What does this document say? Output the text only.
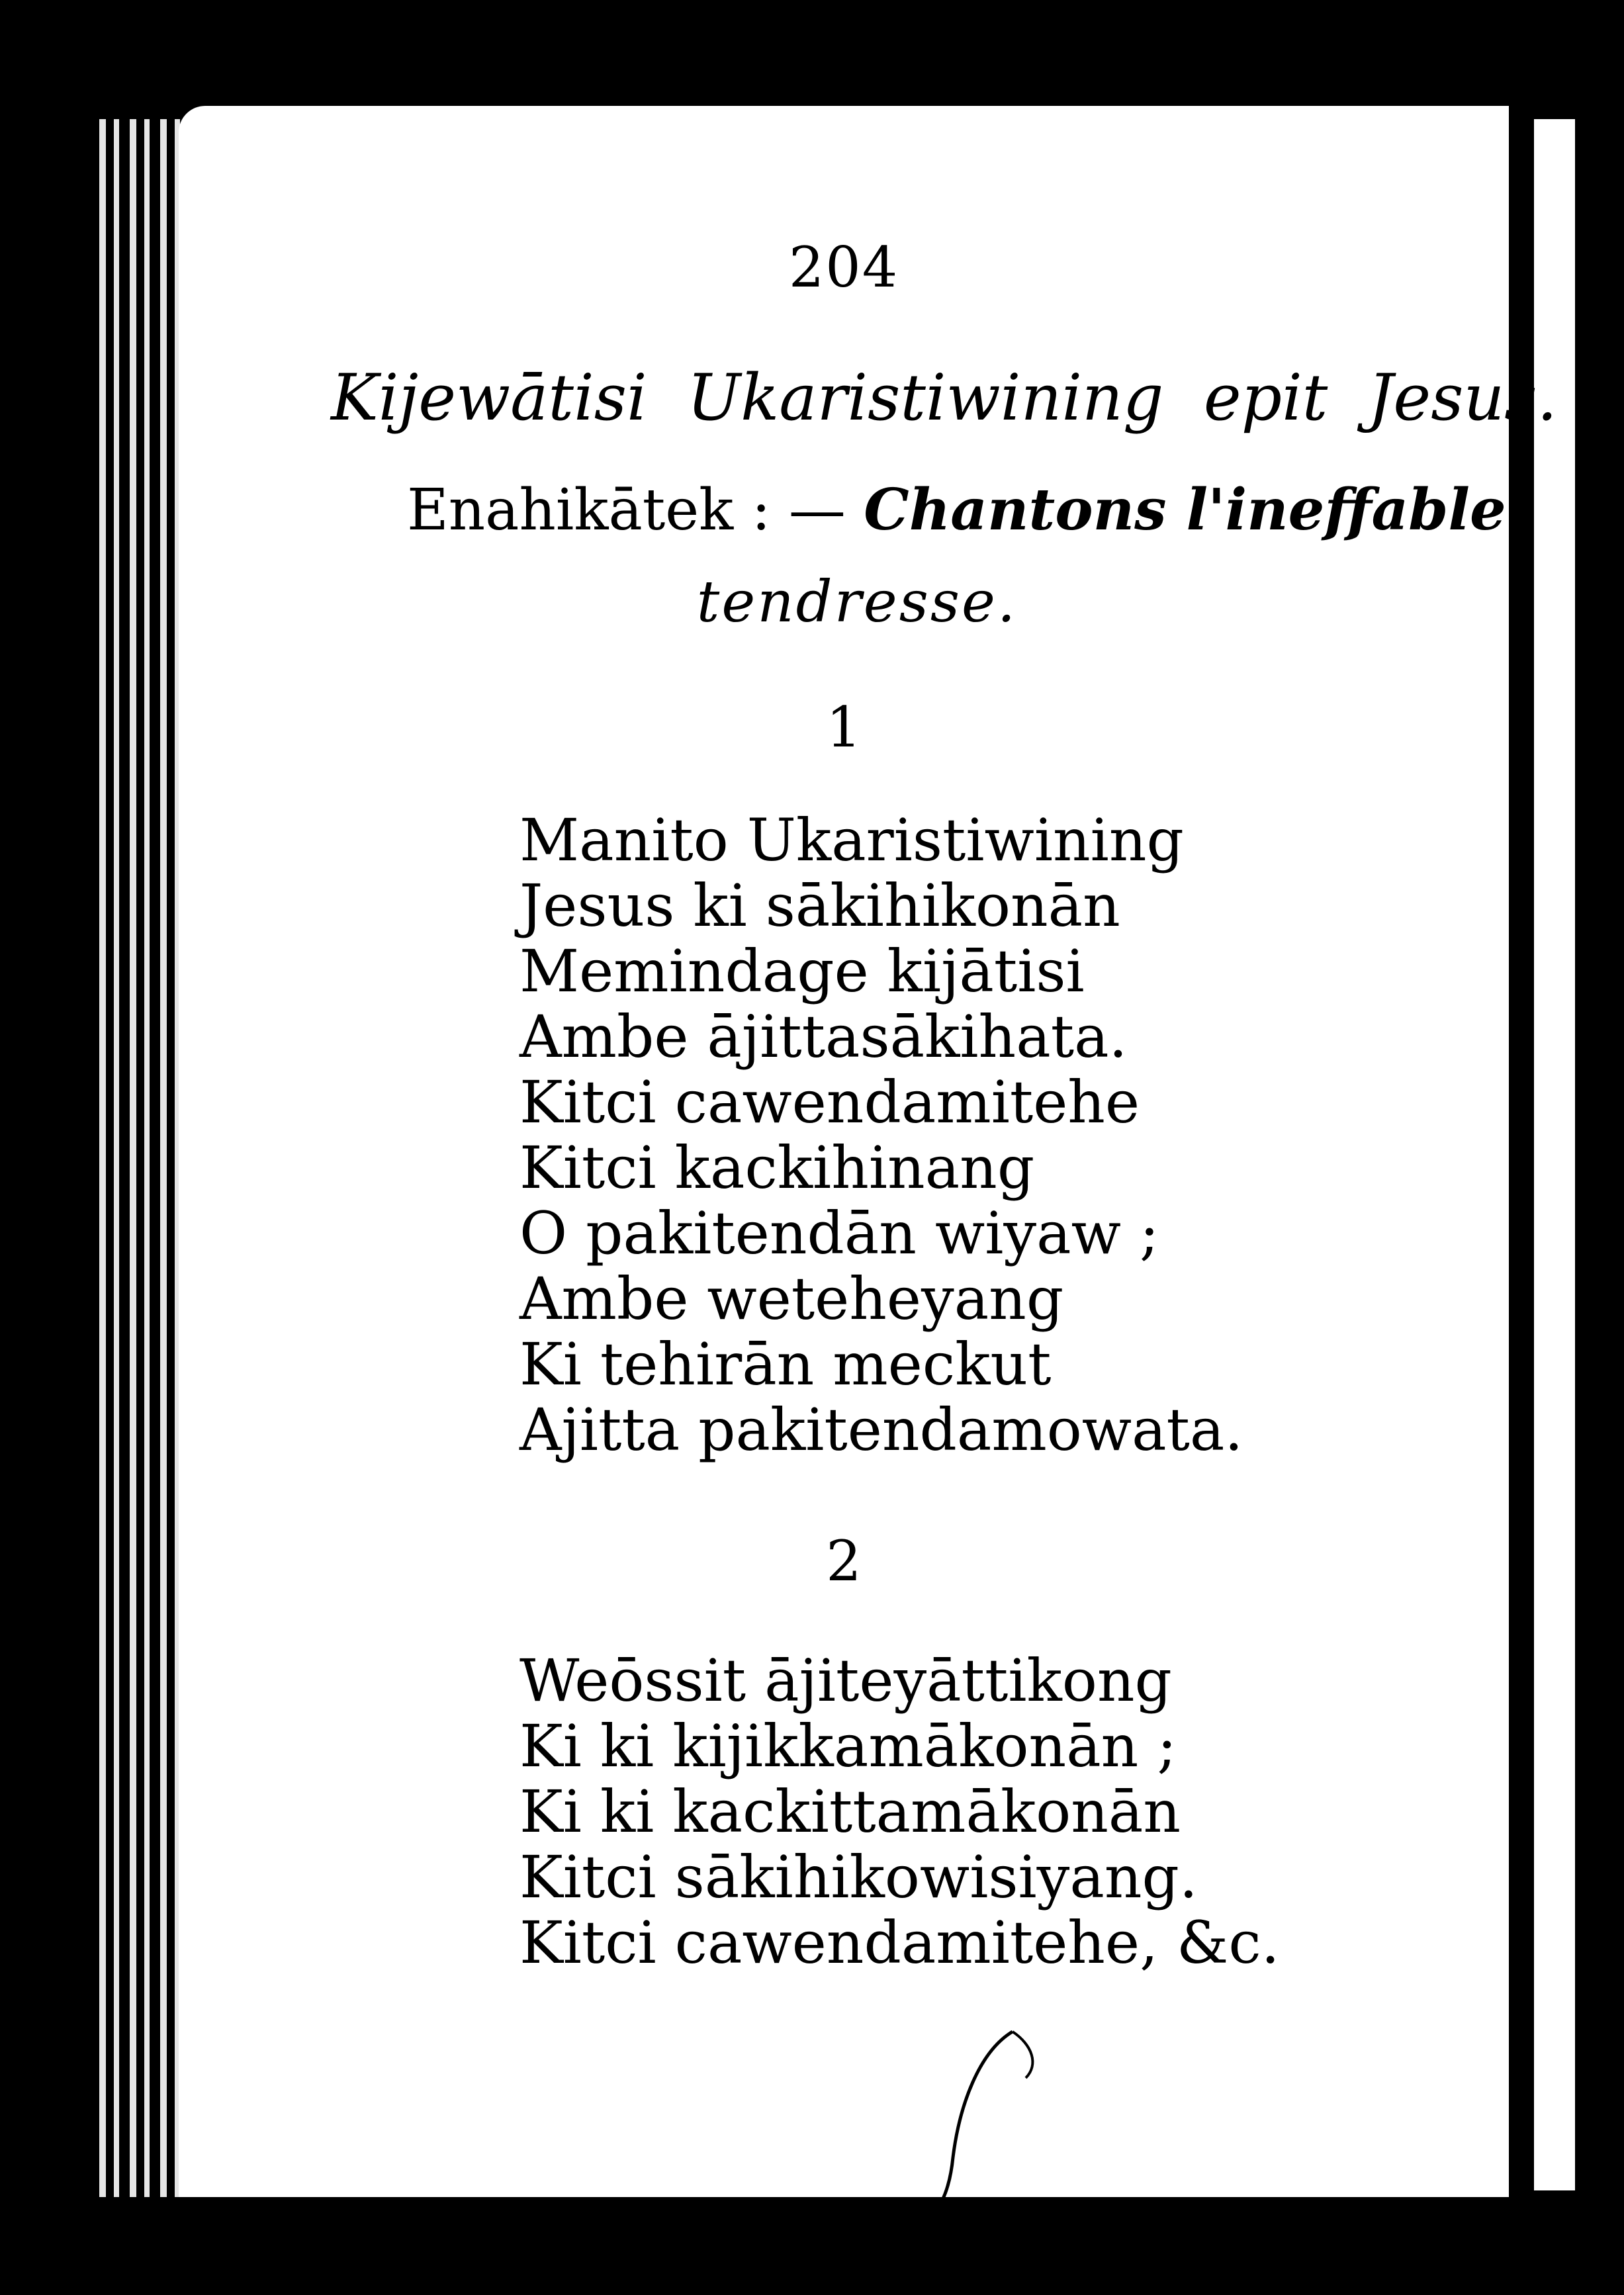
204
Kijewātisi Ukaristiwining epit Jesus.
Enahikātek : — Chantons l'ineffable
tendresse.
1
Manito Ukaristiwining
Jesus ki sākihikonān
Memindage kijātisi
Ambe ājittasākihata.
Kitci cawendamitehe
Kitci kackihinang
O pakitendān wiyaw ;
Ambe weteheyang
Ki tehirān meckut
Ajitta pakitendamowata.
2
Weōssit ājiteyāttikong
Ki ki kijikkamākonān ;
Ki ki kackittamākonān
Kitci sākihikowisiyang.
Kitci cawendamitehe, &c.
